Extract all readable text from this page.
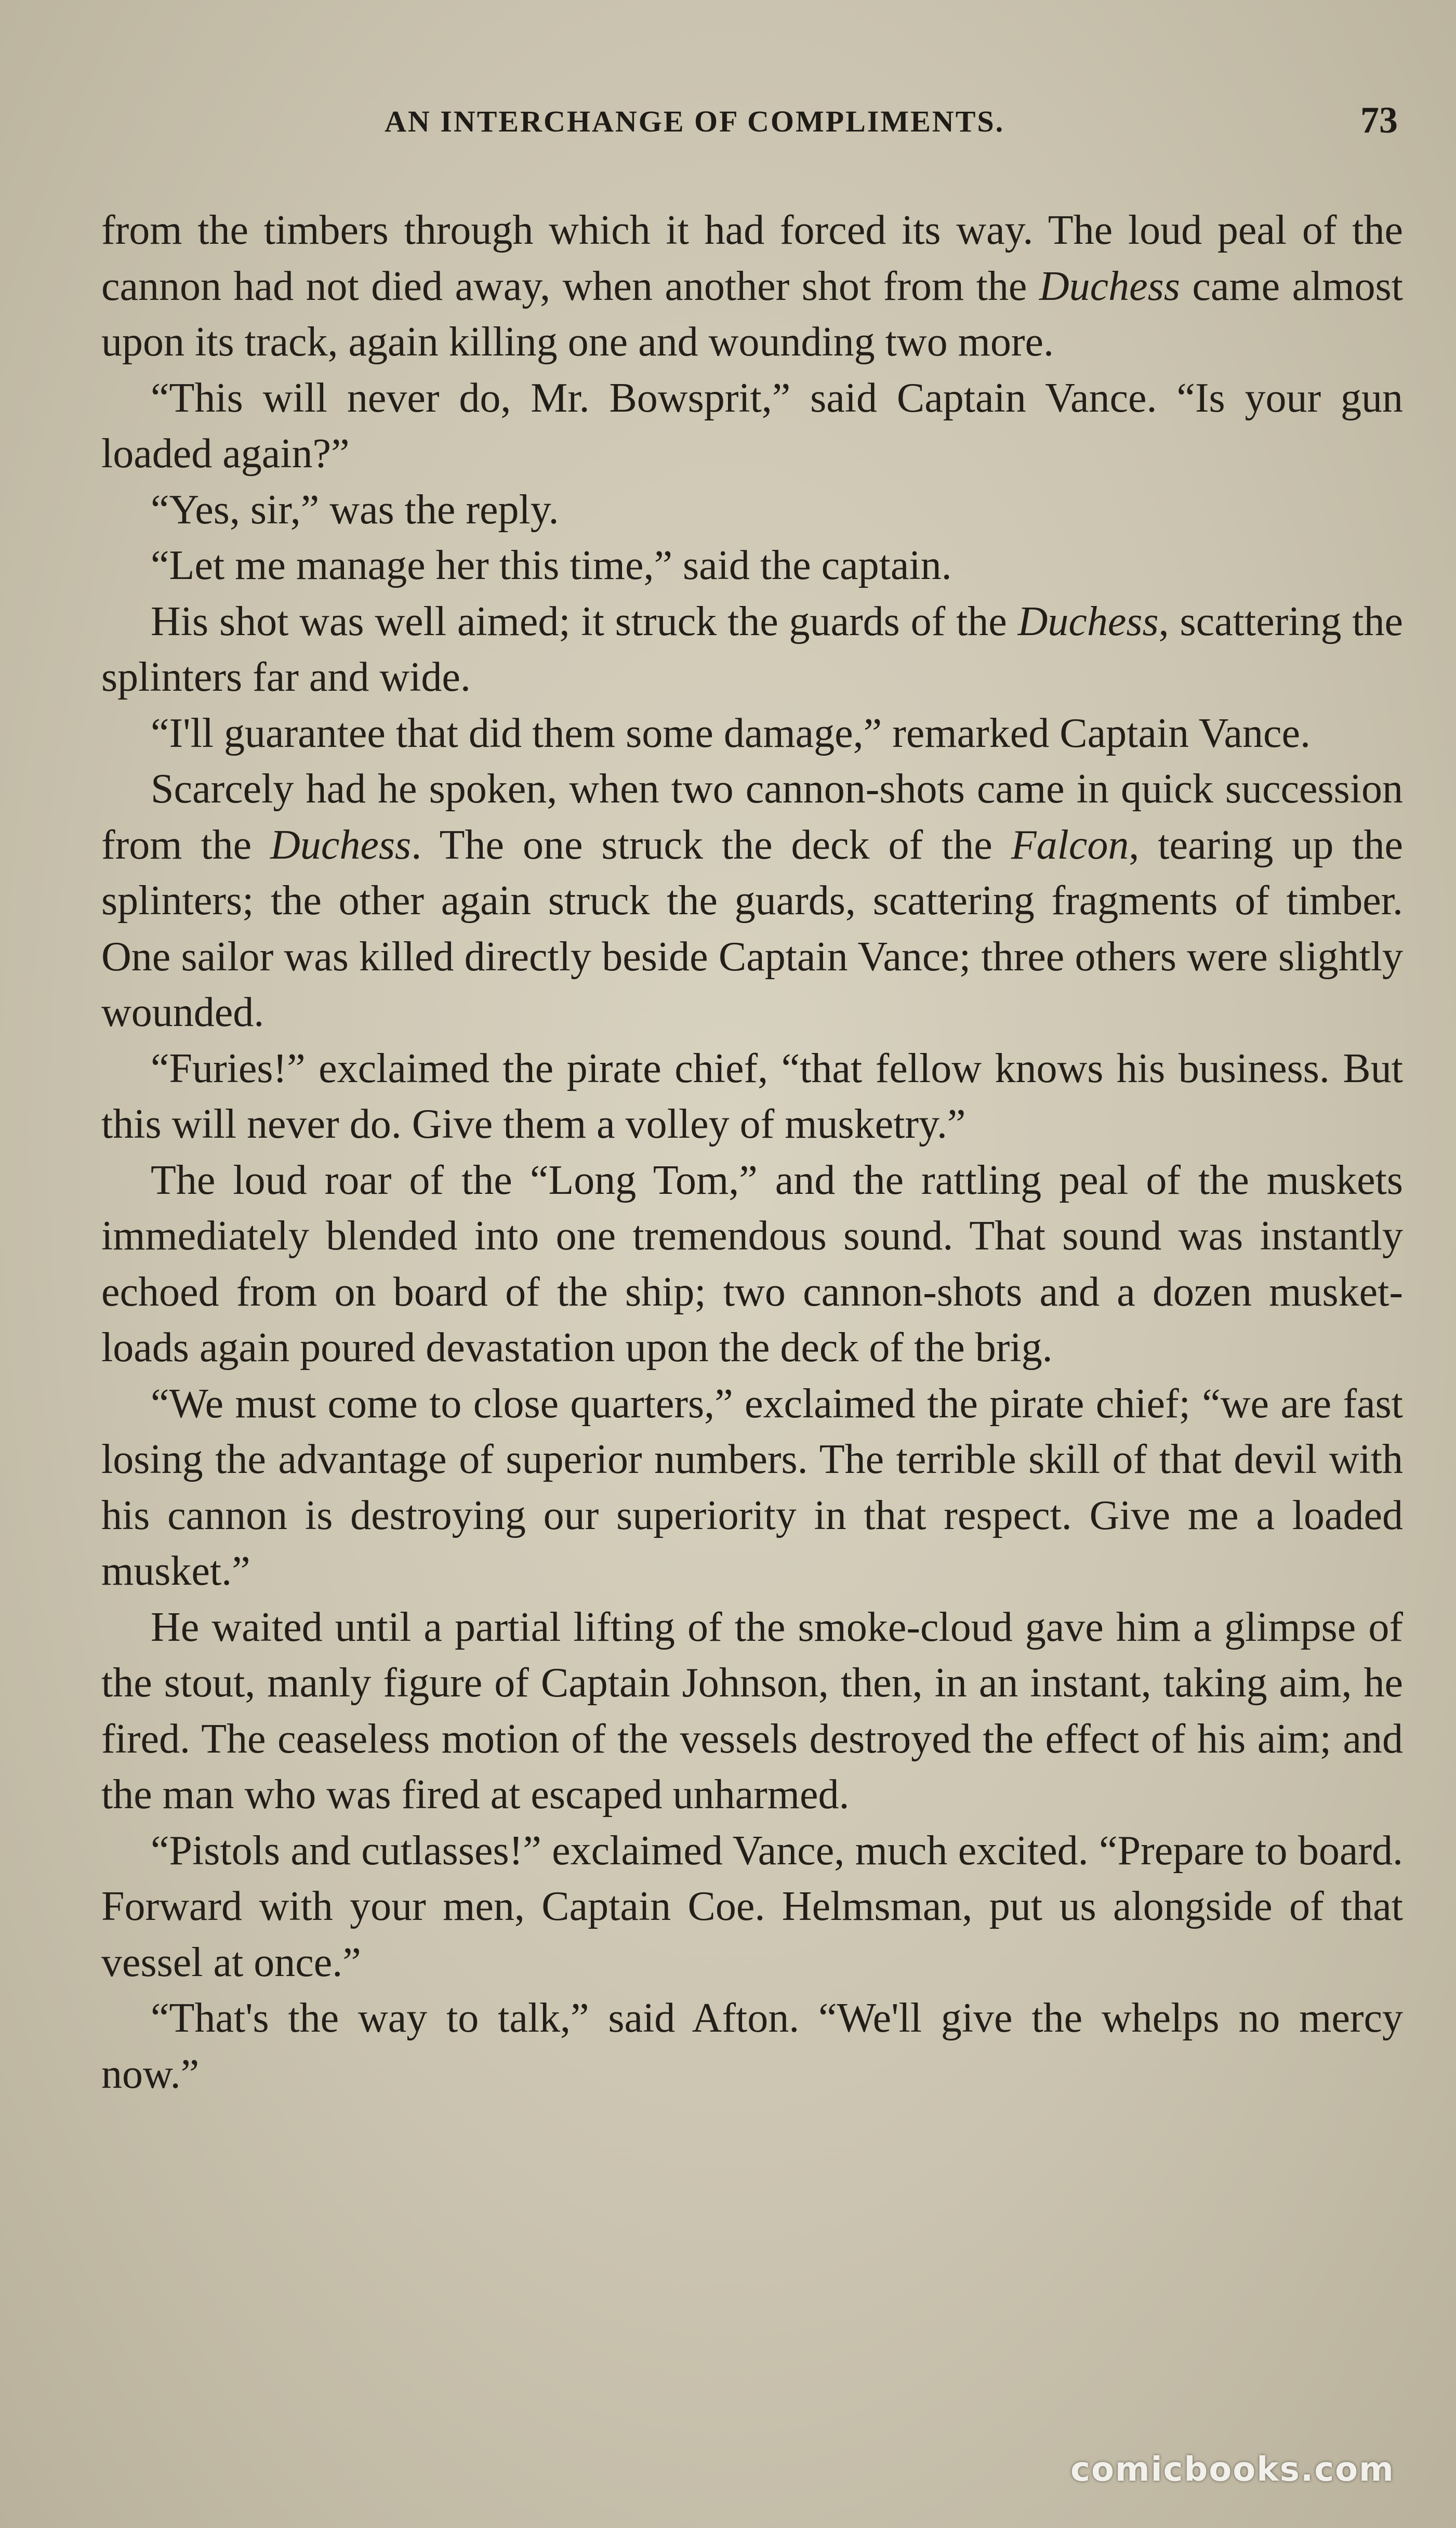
AN INTERCHANGE OF COMPLIMENTS.	73

from the timbers through which it had forced its way. The loud peal of the cannon had not died away, when another shot from the Duchess came almost upon its track, again killing one and wounding two more.

“This will never do, Mr. Bowsprit,” said Captain Vance. “Is your gun loaded again?”

“Yes, sir,” was the reply.

“Let me manage her this time,” said the captain.

His shot was well aimed; it struck the guards of the Duchess, scattering the splinters far and wide.

“I'll guarantee that did them some damage,” remarked Captain Vance.

Scarcely had he spoken, when two cannon-shots came in quick succession from the Duchess. The one struck the deck of the Falcon, tearing up the splinters; the other again struck the guards, scattering fragments of timber. One sailor was killed directly beside Captain Vance; three others were slightly wounded.

“Furies!” exclaimed the pirate chief, “that fellow knows his business. But this will never do. Give them a volley of musketry.”

The loud roar of the “Long Tom,” and the rattling peal of the muskets immediately blended into one tremendous sound. That sound was instantly echoed from on board of the ship; two cannon-shots and a dozen musket-loads again poured devastation upon the deck of the brig.

“We must come to close quarters,” exclaimed the pirate chief; “we are fast losing the advantage of superior numbers. The terrible skill of that devil with his cannon is destroying our superiority in that respect. Give me a loaded musket.”

He waited until a partial lifting of the smoke-cloud gave him a glimpse of the stout, manly figure of Captain Johnson, then, in an instant, taking aim, he fired. The ceaseless motion of the vessels destroyed the effect of his aim; and the man who was fired at escaped unharmed.

“Pistols and cutlasses!” exclaimed Vance, much excited. “Prepare to board. Forward with your men, Captain Coe. Helmsman, put us alongside of that vessel at once.”

“That's the way to talk,” said Afton. “We'll give the whelps no mercy now.”

comicbooks.com
